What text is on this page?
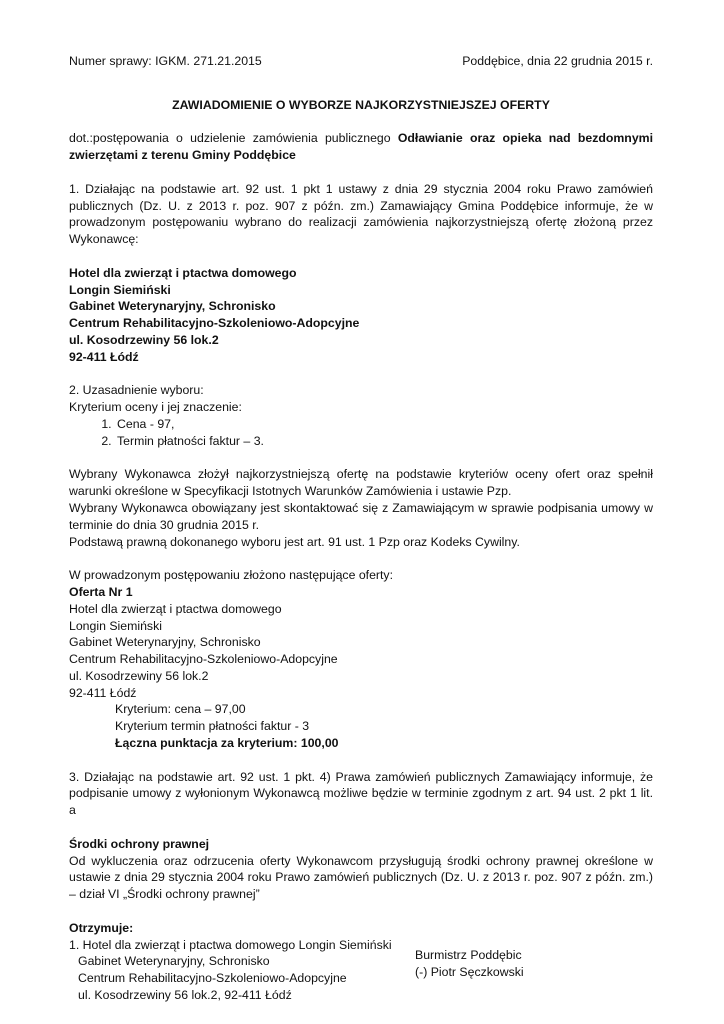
Numer sprawy: IGKM. 271.21.2015	Poddębice, dnia 22 grudnia 2015 r.

ZAWIADOMIENIE O WYBORZE NAJKORZYSTNIEJSZEJ OFERTY

dot.:postępowania o udzielenie zamówienia publicznego Odławianie oraz opieka nad bezdomnymi zwierzętami z terenu Gminy Poddębice

1. Działając na podstawie art. 92 ust. 1 pkt 1 ustawy z dnia 29 stycznia 2004 roku Prawo zamówień publicznych (Dz. U. z 2013 r. poz. 907 z późn. zm.) Zamawiający Gmina Poddębice informuje, że w prowadzonym postępowaniu wybrano do realizacji zamówienia najkorzystniejszą ofertę złożoną przez Wykonawcę:

Hotel dla zwierząt i ptactwa domowego

Longin Siemiński

Gabinet Weterynaryjny, Schronisko

Centrum Rehabilitacyjno-Szkoleniowo-Adopcyjne

ul. Kosodrzewiny 56 lok.2

92-411 Łódź

2. Uzasadnienie wyboru:

Kryterium oceny i jej znaczenie:

1. Cena - 97,
2. Termin płatności faktur – 3.

Wybrany Wykonawca złożył najkorzystniejszą ofertę na podstawie kryteriów oceny ofert oraz spełnił warunki określone w Specyfikacji Istotnych Warunków Zamówienia i ustawie Pzp.

Wybrany Wykonawca obowiązany jest skontaktować się z Zamawiającym w sprawie podpisania umowy w terminie do dnia 30 grudnia 2015 r.

Podstawą prawną dokonanego wyboru jest art. 91 ust. 1 Pzp oraz Kodeks Cywilny.

W prowadzonym postępowaniu złożono następujące oferty:

Oferta Nr 1

Hotel dla zwierząt i ptactwa domowego

Longin Siemiński

Gabinet Weterynaryjny, Schronisko

Centrum Rehabilitacyjno-Szkoleniowo-Adopcyjne

ul. Kosodrzewiny 56 lok.2

92-411 Łódź

Kryterium: cena – 97,00

Kryterium termin płatności faktur - 3

Łączna punktacja za kryterium: 100,00

3. Działając na podstawie art. 92 ust. 1 pkt. 4) Prawa zamówień publicznych Zamawiający informuje, że podpisanie umowy z wyłonionym Wykonawcą możliwe będzie w terminie zgodnym z art. 94 ust. 2 pkt 1 lit. a

Środki ochrony prawnej

Od wykluczenia oraz odrzucenia oferty Wykonawcom przysługują środki ochrony prawnej określone w ustawie z dnia 29 stycznia 2004 roku Prawo zamówień publicznych (Dz. U. z 2013 r. poz. 907 z późn. zm.) – dział VI „Środki ochrony prawnej”

Otrzymuje:

1. Hotel dla zwierząt i ptactwa domowego Longin Siemiński

Gabinet Weterynaryjny, Schronisko

Centrum Rehabilitacyjno-Szkoleniowo-Adopcyjne

ul. Kosodrzewiny 56 lok.2, 92-411 Łódź

Burmistrz Poddębic

(-) Piotr Sęczkowski
